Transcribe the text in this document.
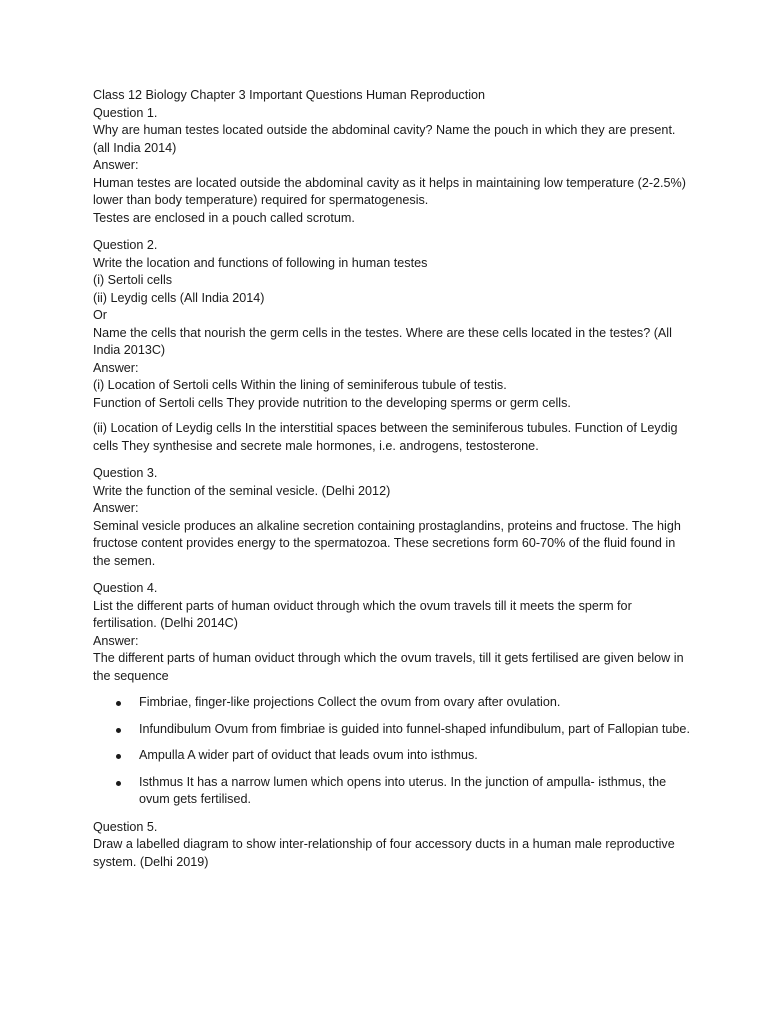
Class 12 Biology Chapter 3 Important Questions Human Reproduction

Question 1.
Why are human testes located outside the abdominal cavity? Name the pouch in which they are present. (all India 2014)
Answer:
Human testes are located outside the abdominal cavity as it helps in maintaining low temperature (2-2.5%) lower than body temperature) required for spermatogenesis.
Testes are enclosed in a pouch called scrotum.
Question 2.
Write the location and functions of following in human testes
(i) Sertoli cells
(ii) Leydig cells (All India 2014)
Or
Name the cells that nourish the germ cells in the testes. Where are these cells located in the testes? (All India 2013C)
Answer:
(i) Location of Sertoli cells Within the lining of seminiferous tubule of testis.
Function of Sertoli cells They provide nutrition to the developing sperms or germ cells.
(ii) Location of Leydig cells In the interstitial spaces between the seminiferous tubules. Function of Leydig cells They synthesise and secrete male hormones, i.e. androgens, testosterone.
Question 3.
Write the function of the seminal vesicle. (Delhi 2012)
Answer:
Seminal vesicle produces an alkaline secretion containing prostaglandins, proteins and fructose. The high fructose content provides energy to the spermatozoa. These secretions form 60-70% of the fluid found in the semen.
Question 4.
List the different parts of human oviduct through which the ovum travels till it meets the sperm for fertilisation. (Delhi 2014C)
Answer:
The different parts of human oviduct through which the ovum travels, till it gets fertilised are given below in the sequence
Fimbriae, finger-like projections Collect the ovum from ovary after ovulation.
Infundibulum Ovum from fimbriae is guided into funnel-shaped infundibulum, part of Fallopian tube.
Ampulla A wider part of oviduct that leads ovum into isthmus.
Isthmus It has a narrow lumen which opens into uterus. In the junction of ampulla- isthmus, the ovum gets fertilised.
Question 5.
Draw a labelled diagram to show inter-relationship of four accessory ducts in a human male reproductive system. (Delhi 2019)
